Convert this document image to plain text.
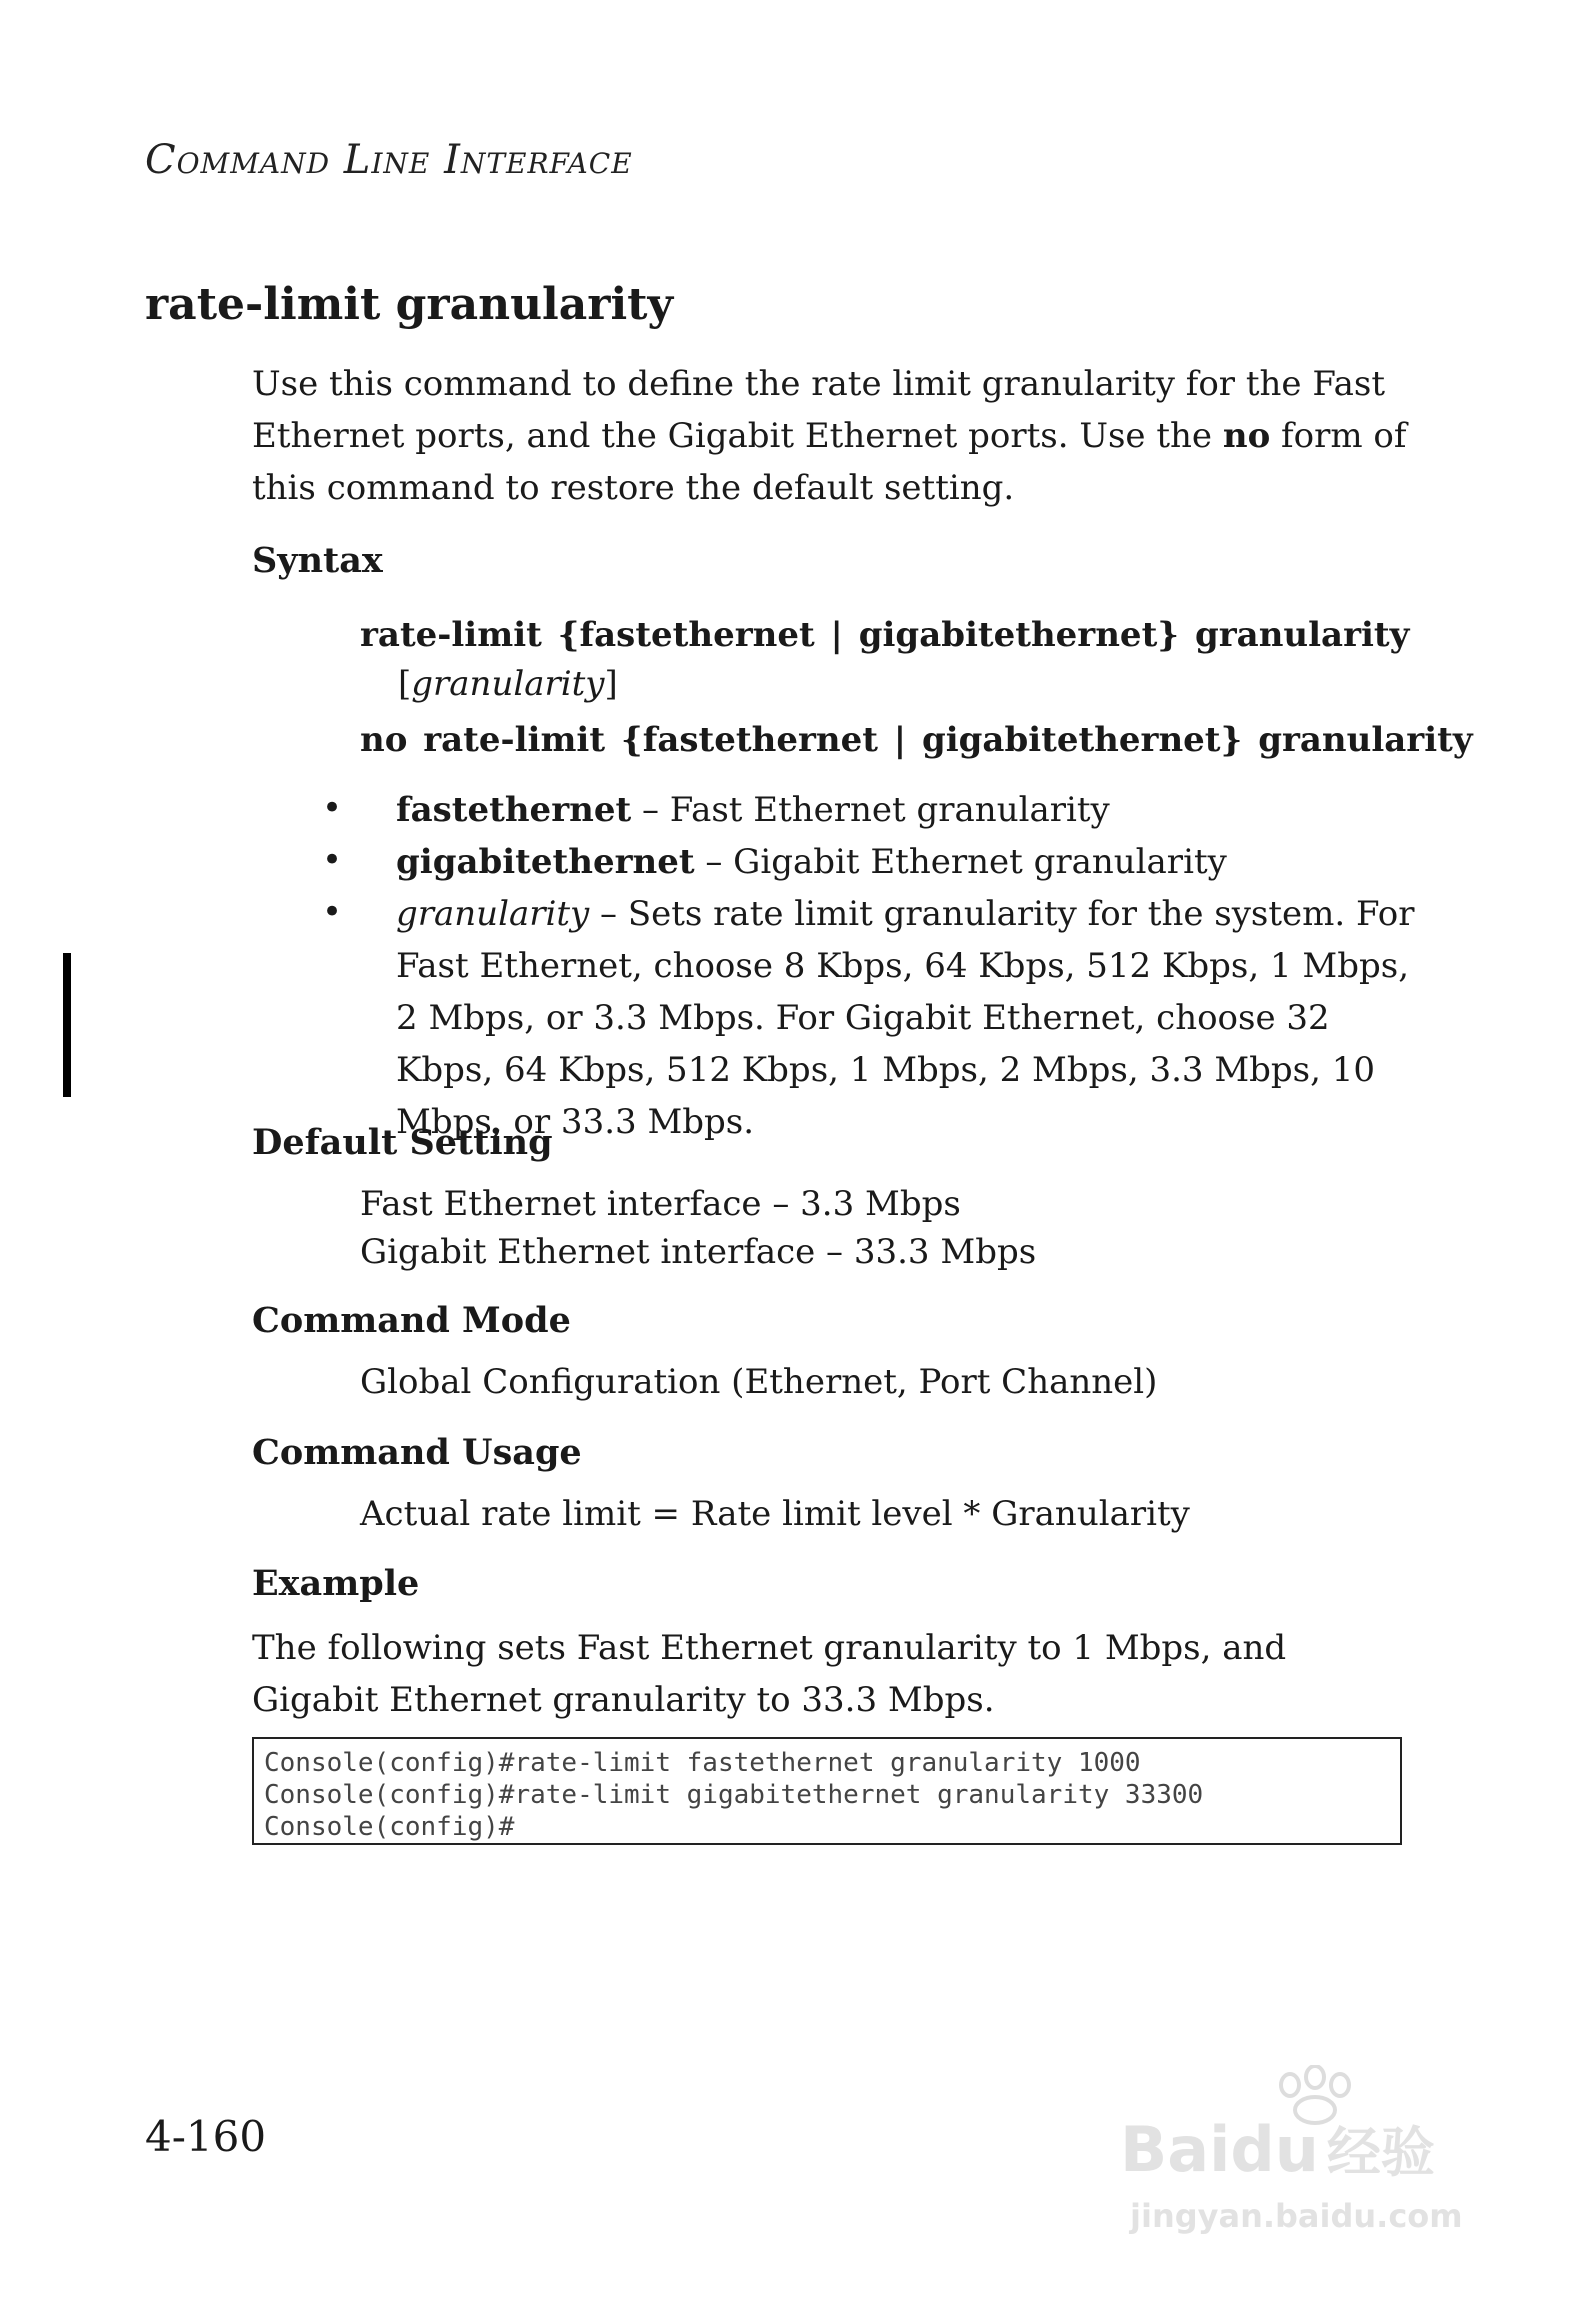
Command Line Interface
rate-limit granularity
Use this command to define the rate limit granularity for the Fast Ethernet ports, and the Gigabit Ethernet ports. Use the no form of this command to restore the default setting.
Syntax
rate-limit {fastethernet | gigabitethernet} granularity
[granularity]
no rate-limit {fastethernet | gigabitethernet} granularity
• fastethernet – Fast Ethernet granularity
• gigabitethernet – Gigabit Ethernet granularity
• granularity – Sets rate limit granularity for the system. For Fast Ethernet, choose 8 Kbps, 64 Kbps, 512 Kbps, 1 Mbps, 2 Mbps, or 3.3 Mbps. For Gigabit Ethernet, choose 32 Kbps, 64 Kbps, 512 Kbps, 1 Mbps, 2 Mbps, 3.3 Mbps, 10 Mbps, or 33.3 Mbps.
Default Setting
Fast Ethernet interface – 3.3 Mbps
Gigabit Ethernet interface – 33.3 Mbps
Command Mode
Global Configuration (Ethernet, Port Channel)
Command Usage
Actual rate limit = Rate limit level * Granularity
Example
The following sets Fast Ethernet granularity to 1 Mbps, and Gigabit Ethernet granularity to 33.3 Mbps.
Console(config)#rate-limit fastethernet granularity 1000
Console(config)#rate-limit gigabitethernet granularity 33300
Console(config)#
4-160	Baidu 经验
jingyan.baidu.com
